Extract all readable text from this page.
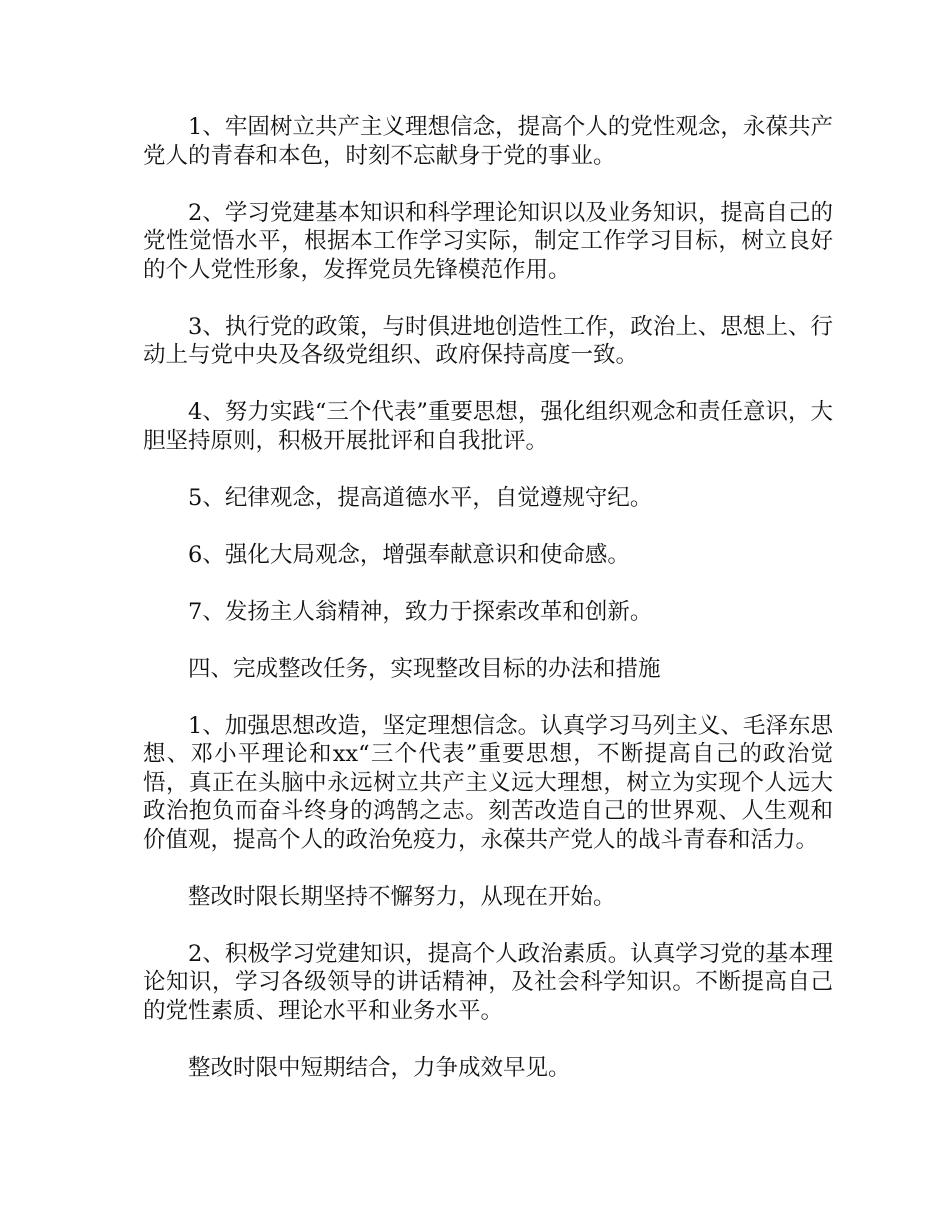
1、牢固树立共产主义理想信念，提高个人的党性观念，永葆共产党人的青春和本色，时刻不忘献身于党的事业。

2、学习党建基本知识和科学理论知识以及业务知识，提高自己的党性觉悟水平，根据本工作学习实际，制定工作学习目标，树立良好的个人党性形象，发挥党员先锋模范作用。

3、执行党的政策，与时俱进地创造性工作，政治上、思想上、行动上与党中央及各级党组织、政府保持高度一致。

4、努力实践“三个代表”重要思想，强化组织观念和责任意识，大胆坚持原则，积极开展批评和自我批评。

5、纪律观念，提高道德水平，自觉遵规守纪。

6、强化大局观念，增强奉献意识和使命感。

7、发扬主人翁精神，致力于探索改革和创新。

四、完成整改任务，实现整改目标的办法和措施

1、加强思想改造，坚定理想信念。认真学习马列主义、毛泽东思想、邓小平理论和xx“三个代表”重要思想，不断提高自己的政治觉悟，真正在头脑中永远树立共产主义远大理想，树立为实现个人远大政治抱负而奋斗终身的鸿鹄之志。刻苦改造自己的世界观、人生观和价值观，提高个人的政治免疫力，永葆共产党人的战斗青春和活力。

整改时限长期坚持不懈努力，从现在开始。

2、积极学习党建知识，提高个人政治素质。认真学习党的基本理论知识，学习各级领导的讲话精神，及社会科学知识。不断提高自己的党性素质、理论水平和业务水平。

整改时限中短期结合，力争成效早见。
